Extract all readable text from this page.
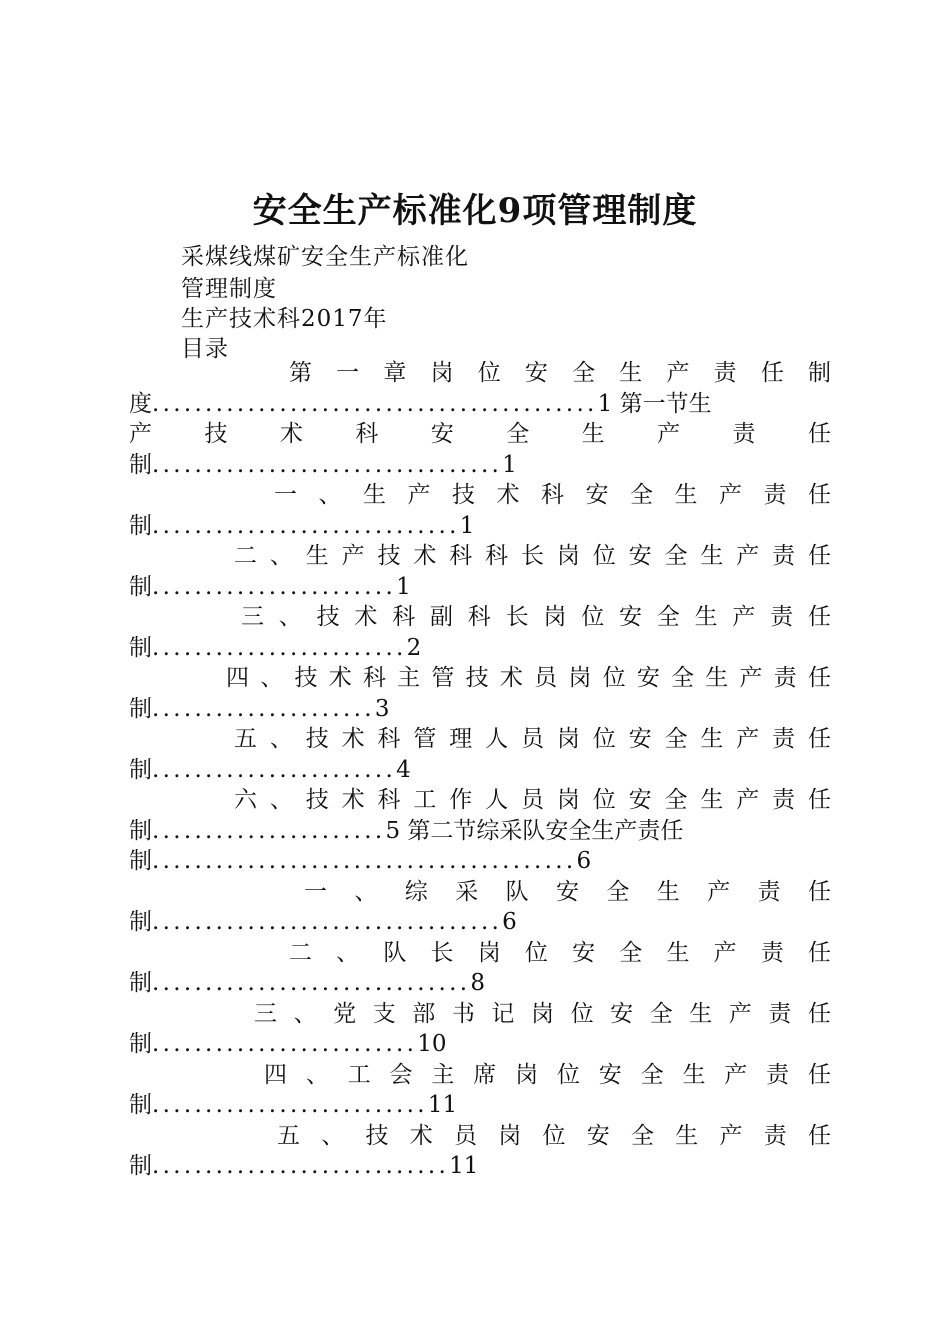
安全生产标准化9项管理制度
采煤线煤矿安全生产标准化
管理制度
生产技术科2017年
目录
第 一 章 岗 位 安 全 生 产 责 任 制
度..........................................1 第一节生
产 技 术 科 安 全 生 产 责 任
制.................................1
一 、 生 产 技 术 科 安 全 生 产 责 任
制.............................1
二 、 生 产 技 术 科 科 长 岗 位 安 全 生 产 责 任
制.......................1
三 、 技 术 科 副 科 长 岗 位 安 全 生 产 责 任
制........................2
四 、 技 术 科 主 管 技 术 员 岗 位 安 全 生 产 责 任
制.....................3
五 、 技 术 科 管 理 人 员 岗 位 安 全 生 产 责 任
制.......................4
六 、 技 术 科 工 作 人 员 岗 位 安 全 生 产 责 任
制......................5 第二节综采队安全生产责任
制........................................6
一 、 综 采 队 安 全 生 产 责 任
制.................................6
二 、 队 长 岗 位 安 全 生 产 责 任
制..............................8
三 、 党 支 部 书 记 岗 位 安 全 生 产 责 任
制.........................10
四 、 工 会 主 席 岗 位 安 全 生 产 责 任
制..........................11
五 、 技 术 员 岗 位 安 全 生 产 责 任
制............................11
